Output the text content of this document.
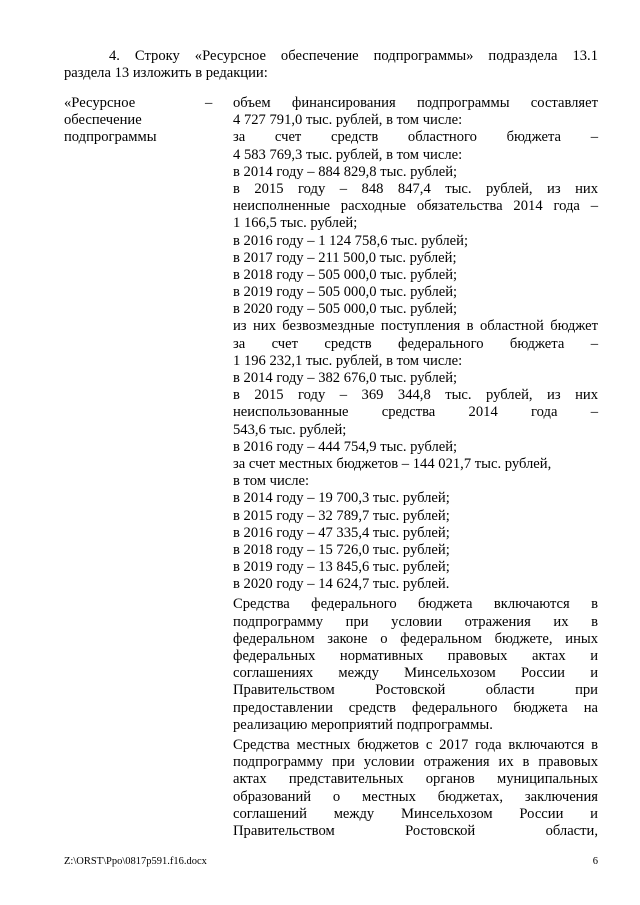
4. Строку «Ресурсное обеспечение подпрограммы» подраздела 13.1
раздела 13 изложить в редакции:
«Ресурсное
обеспечение
подпрограммы
– объем финансирования подпрограммы составляет
4 727 791,0 тыс. рублей, в том числе:
за счет средств областного бюджета –
4 583 769,3 тыс. рублей, в том числе:
в 2014 году – 884 829,8 тыс. рублей;
в 2015 году – 848 847,4 тыс. рублей, из них
неисполненные расходные обязательства 2014 года –
1 166,5 тыс. рублей;
в 2016 году – 1 124 758,6 тыс. рублей;
в 2017 году – 211 500,0 тыс. рублей;
в 2018 году – 505 000,0 тыс. рублей;
в 2019 году – 505 000,0 тыс. рублей;
в 2020 году – 505 000,0 тыс. рублей;
из них безвозмездные поступления в областной бюджет
за счет средств федерального бюджета –
1 196 232,1 тыс. рублей, в том числе:
в 2014 году – 382 676,0 тыс. рублей;
в 2015 году – 369 344,8 тыс. рублей, из них
неиспользованные средства 2014 года –
543,6 тыс. рублей;
в 2016 году – 444 754,9 тыс. рублей;
за счет местных бюджетов – 144 021,7 тыс. рублей,
в том числе:
в 2014 году – 19 700,3 тыс. рублей;
в 2015 году – 32 789,7 тыс. рублей;
в 2016 году – 47 335,4 тыс. рублей;
в 2018 году – 15 726,0 тыс. рублей;
в 2019 году – 13 845,6 тыс. рублей;
в 2020 году – 14 624,7 тыс. рублей.
Средства федерального бюджета включаются в
подпрограмму при условии отражения их в
федеральном законе о федеральном бюджете, иных
федеральных нормативных правовых актах и
соглашениях между Минсельхозом России и
Правительством Ростовской области при
предоставлении средств федерального бюджета на
реализацию мероприятий подпрограммы.
Средства местных бюджетов с 2017 года включаются в
подпрограмму при условии отражения их в правовых
актах представительных органов муниципальных
образований о местных бюджетах, заключения
соглашений между Минсельхозом России и
Правительством Ростовской области,
Z:\ORST\Ppo\0817p591.f16.docx	6
